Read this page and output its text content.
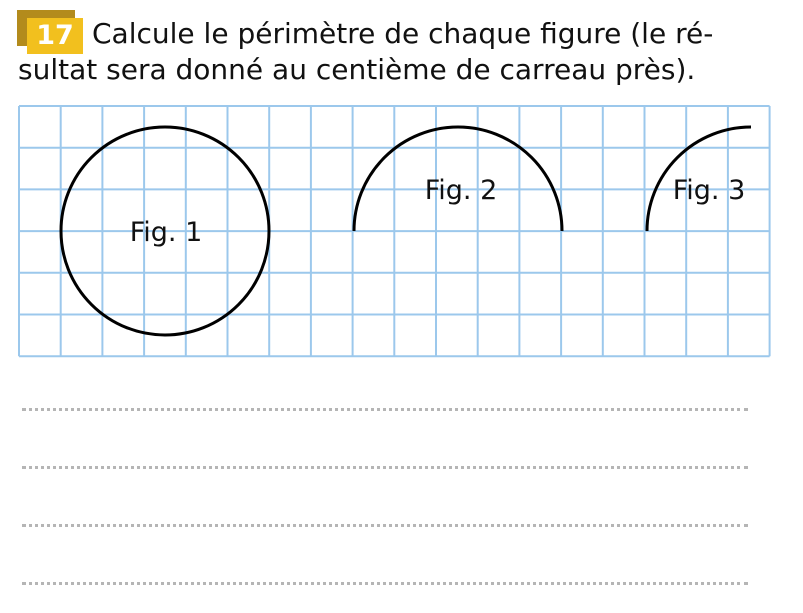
17 Calcule le périmètre de chaque figure (le ré-
sultat sera donné au centième de carreau près).

Fig. 1
Fig. 2	Fig. 3
